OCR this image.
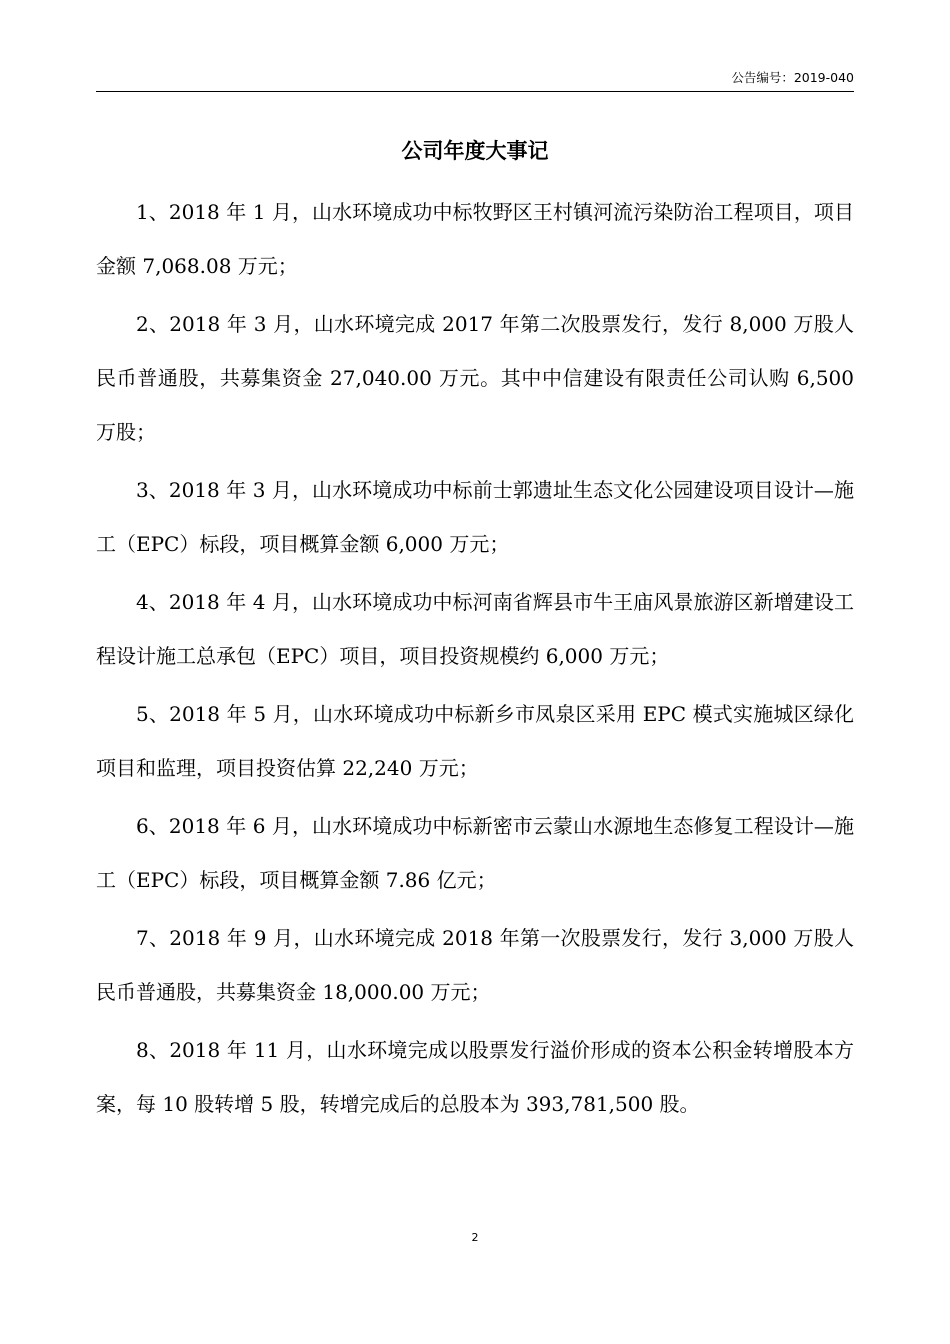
公告编号：2019-040
公司年度大事记
1、2018 年 1 月，山水环境成功中标牧野区王村镇河流污染防治工程项目，项目金额 7,068.08 万元；
2、2018 年 3 月，山水环境完成 2017 年第二次股票发行，发行 8,000 万股人民币普通股，共募集资金 27,040.00 万元。其中中信建设有限责任公司认购 6,500 万股；
3、2018 年 3 月，山水环境成功中标前士郭遗址生态文化公园建设项目设计—施工（EPC）标段，项目概算金额 6,000 万元；
4、2018 年 4 月，山水环境成功中标河南省辉县市牛王庙风景旅游区新增建设工程设计施工总承包（EPC）项目，项目投资规模约 6,000 万元；
5、2018 年 5 月，山水环境成功中标新乡市凤泉区采用 EPC 模式实施城区绿化项目和监理，项目投资估算 22,240 万元；
6、2018 年 6 月，山水环境成功中标新密市云蒙山水源地生态修复工程设计—施工（EPC）标段，项目概算金额 7.86 亿元；
7、2018 年 9 月，山水环境完成 2018 年第一次股票发行，发行 3,000 万股人民币普通股，共募集资金 18,000.00 万元；
8、2018 年 11 月，山水环境完成以股票发行溢价形成的资本公积金转增股本方案，每 10 股转增 5 股，转增完成后的总股本为 393,781,500 股。
2
